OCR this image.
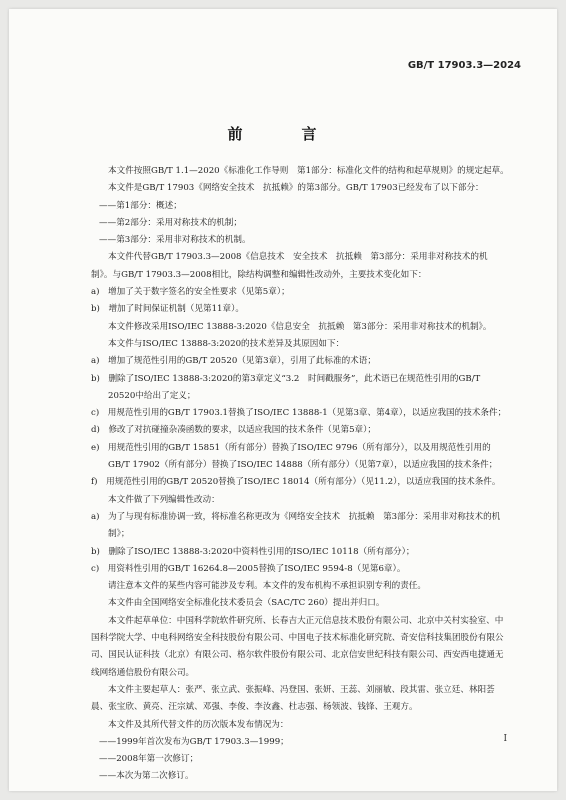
GB/T 17903.3—2024
前　言

本文件按照GB/T 1.1—2020《标准化工作导则　第1部分：标准化文件的结构和起草规则》的规定起草。

本文件是GB/T 17903《网络安全技术　抗抵赖》的第3部分。GB/T 17903已经发布了以下部分：

——第1部分：概述；

——第2部分：采用对称技术的机制；

——第3部分：采用非对称技术的机制。

本文件代替GB/T 17903.3—2008《信息技术　安全技术　抗抵赖　第3部分：采用非对称技术的机制》。与GB/T 17903.3—2008相比，除结构调整和编辑性改动外，主要技术变化如下：

a)　增加了关于数字签名的安全性要求（见第5章）；

b)　增加了时间保证机制（见第11章）。

本文件修改采用ISO/IEC 13888-3:2020《信息安全　抗抵赖　第3部分：采用非对称技术的机制》。

本文件与ISO/IEC 13888-3:2020的技术差异及其原因如下：

a)　增加了规范性引用的GB/T 20520（见第3章），引用了此标准的术语；

b)　删除了ISO/IEC 13888-3:2020的第3章定义“3.2　时间戳服务”，此术语已在规范性引用的GB/T 20520中给出了定义；

c)　用规范性引用的GB/T 17903.1替换了ISO/IEC 13888-1（见第3章、第4章），以适应我国的技术条件；

d)　修改了对抗碰撞杂凑函数的要求，以适应我国的技术条件（见第5章）；

e)　用规范性引用的GB/T 15851（所有部分）替换了ISO/IEC 9796（所有部分），以及用规范性引用的GB/T 17902（所有部分）替换了ISO/IEC 14888（所有部分）（见第7章），以适应我国的技术条件；

f)　用规范性引用的GB/T 20520替换了ISO/IEC 18014（所有部分）（见11.2），以适应我国的技术条件。

本文件做了下列编辑性改动：

a)　为了与现有标准协调一致，将标准名称更改为《网络安全技术　抗抵赖　第3部分：采用非对称技术的机制》；

b)　删除了ISO/IEC 13888-3:2020中资料性引用的ISO/IEC 10118（所有部分）；

c)　用资料性引用的GB/T 16264.8—2005替换了ISO/IEC 9594-8（见第6章）。

请注意本文件的某些内容可能涉及专利。本文件的发布机构不承担识别专利的责任。

本文件由全国网络安全标准化技术委员会（SAC/TC 260）提出并归口。

本文件起草单位：中国科学院软件研究所、长春吉大正元信息技术股份有限公司、北京中关村实验室、中国科学院大学、中电科网络安全科技股份有限公司、中国电子技术标准化研究院、奇安信科技集团股份有限公司、国民认证科技（北京）有限公司、格尔软件股份有限公司、北京信安世纪科技有限公司、西安西电捷通无线网络通信股份有限公司。

本文件主要起草人：张严、张立武、张振峰、冯登国、张妍、王蕊、刘丽敏、段其雷、张立廷、林阳荟晨、张宝欣、黄亮、汪宗斌、邓强、李俊、李汝鑫、杜志强、杨领波、钱锋、王观方。

本文件及其所代替文件的历次版本发布情况为：

——1999年首次发布为GB/T 17903.3—1999；

——2008年第一次修订；

——本次为第二次修订。

I
